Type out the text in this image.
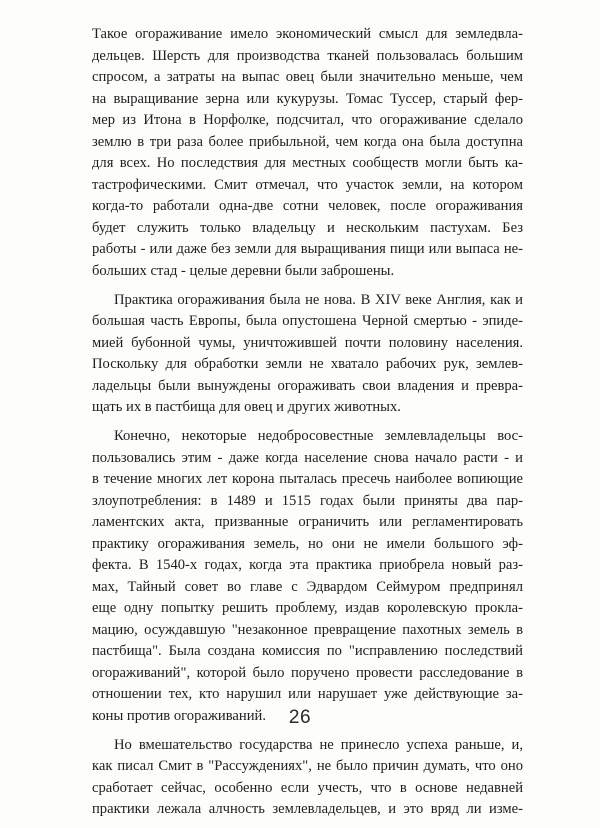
Такое огораживание имело экономический смысл для земледвла-
дельцев. Шерсть для производства тканей пользовалась большим
спросом, а затраты на выпас овец были значительно меньше, чем
на выращивание зерна или кукурузы. Томас Туссер, старый фер-
мер из Итона в Норфолке, подсчитал, что огораживание сделало
землю в три раза более прибыльной, чем когда она была доступна
для всех. Но последствия для местных сообществ могли быть ка-
тастрофическими. Смит отмечал, что участок земли, на котором
когда-то работали одна-две сотни человек, после огораживания
будет служить только владельцу и нескольким пастухам. Без
работы - или даже без земли для выращивания пищи или выпаса не-
больших стад - целые деревни были заброшены.
Практика огораживания была не нова. В XIV веке Англия, как и
большая часть Европы, была опустошена Черной смертью - эпиде-
мией бубонной чумы, уничтожившей почти половину населения.
Поскольку для обработки земли не хватало рабочих рук, землев-
ладельцы были вынуждены огораживать свои владения и превра-
щать их в пастбища для овец и других животных.
Конечно, некоторые недобросовестные землевладельцы вос-
пользовались этим - даже когда население снова начало расти - и
в течение многих лет корона пыталась пресечь наиболее вопиющие
злоупотребления: в 1489 и 1515 годах были приняты два пар-
ламентских акта, призванные ограничить или регламентировать
практику огораживания земель, но они не имели большого эф-
фекта. В 1540-х годах, когда эта практика приобрела новый раз-
мах, Тайный совет во главе с Эдвардом Сеймуром предпринял
еще одну попытку решить проблему, издав королевскую прокла-
мацию, осуждавшую "незаконное превращение пахотных земель в
пастбища". Была создана комиссия по "исправлению последствий
огораживаний", которой было поручено провести расследование в
отношении тех, кто нарушил или нарушает уже действующие за-
коны против огораживаний.
Но вмешательство государства не принесло успеха раньше, и,
как писал Смит в "Рассуждениях", не было причин думать, что оно
сработает сейчас, особенно если учесть, что в основе недавней
практики лежала алчность землевладельцев, и это вряд ли изме-
26
